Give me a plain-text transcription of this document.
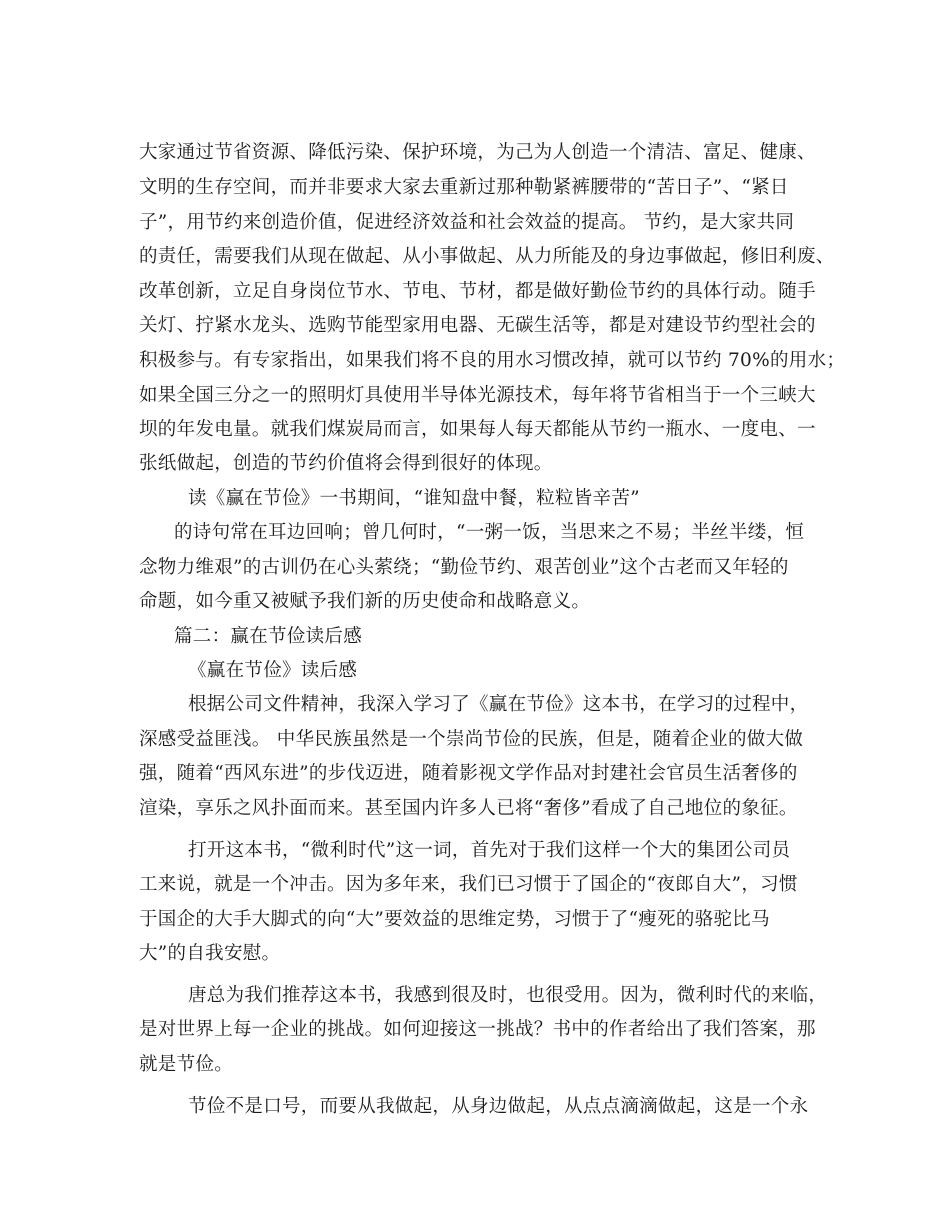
大家通过节省资源、降低污染、保护环境，为己为人创造一个清洁、富足、健康、
文明的生存空间，而并非要求大家去重新过那种勒紧裤腰带的“苦日子”、“紧日
子”，用节约来创造价值，促进经济效益和社会效益的提高。 节约，是大家共同
的责任，需要我们从现在做起、从小事做起、从力所能及的身边事做起，修旧利废、
改革创新，立足自身岗位节水、节电、节材，都是做好勤俭节约的具体行动。随手
关灯、拧紧水龙头、选购节能型家用电器、无碳生活等，都是对建设节约型社会的
积极参与。有专家指出，如果我们将不良的用水习惯改掉，就可以节约 70%的用水；
如果全国三分之一的照明灯具使用半导体光源技术，每年将节省相当于一个三峡大
坝的年发电量。就我们煤炭局而言，如果每人每天都能从节约一瓶水、一度电、一
张纸做起，创造的节约价值将会得到很好的体现。
读《赢在节俭》一书期间，“谁知盘中餐，粒粒皆辛苦”
的诗句常在耳边回响；曾几何时，“一粥一饭，当思来之不易；半丝半缕，恒
念物力维艰”的古训仍在心头萦绕；“勤俭节约、艰苦创业”这个古老而又年轻的
命题，如今重又被赋予我们新的历史使命和战略意义。
篇二：赢在节俭读后感
《赢在节俭》读后感
根据公司文件精神，我深入学习了《赢在节俭》这本书，在学习的过程中，
深感受益匪浅。 中华民族虽然是一个崇尚节俭的民族，但是，随着企业的做大做
强，随着“西风东进”的步伐迈进，随着影视文学作品对封建社会官员生活奢侈的
渲染，享乐之风扑面而来。甚至国内许多人已将“奢侈”看成了自己地位的象征。
打开这本书，“微利时代”这一词，首先对于我们这样一个大的集团公司员
工来说，就是一个冲击。因为多年来，我们已习惯于了国企的“夜郎自大”，习惯
于国企的大手大脚式的向“大”要效益的思维定势，习惯于了“瘦死的骆驼比马
大”的自我安慰。
唐总为我们推荐这本书，我感到很及时，也很受用。因为，微利时代的来临，
是对世界上每一企业的挑战。如何迎接这一挑战？书中的作者给出了我们答案，那
就是节俭。
节俭不是口号，而要从我做起，从身边做起，从点点滴滴做起，这是一个永
